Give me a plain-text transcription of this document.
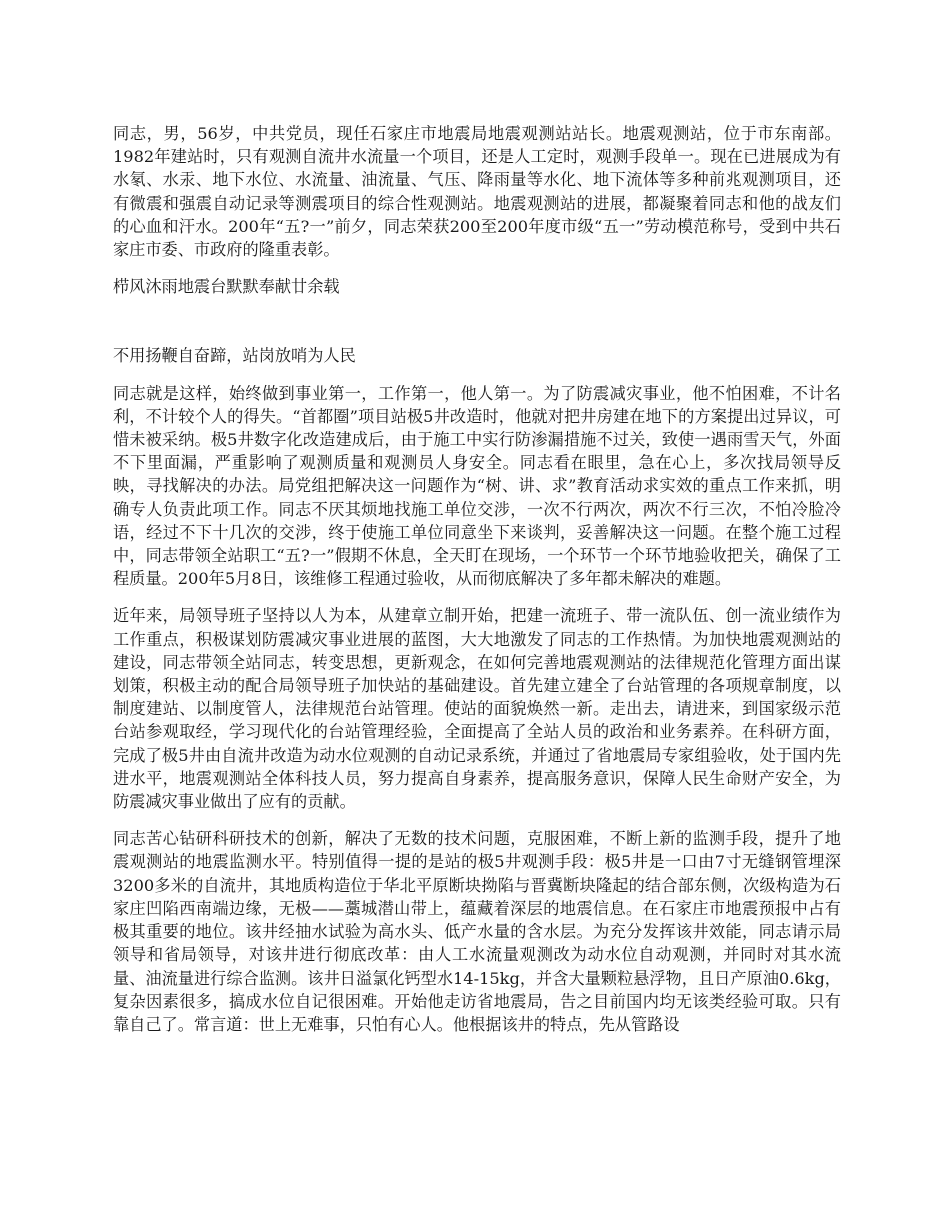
同志，男，56岁，中共党员，现任石家庄市地震局地震观测站站长。地震观测站，位于市东南部。1982年建站时，只有观测自流井水流量一个项目，还是人工定时，观测手段单一。现在已进展成为有水氡、水汞、地下水位、水流量、油流量、气压、降雨量等水化、地下流体等多种前兆观测项目，还有微震和强震自动记录等测震项目的综合性观测站。地震观测站的进展，都凝聚着同志和他的战友们的心血和汗水。200年“五?一”前夕，同志荣获200至200年度市级“五一”劳动模范称号，受到中共石家庄市委、市政府的隆重表彰。

栉风沐雨地震台默默奉献廿余载

不用扬鞭自奋蹄，站岗放哨为人民

同志就是这样，始终做到事业第一，工作第一，他人第一。为了防震减灾事业，他不怕困难，不计名利，不计较个人的得失。“首都圈”项目站极5井改造时，他就对把井房建在地下的方案提出过异议，可惜未被采纳。极5井数字化改造建成后，由于施工中实行防渗漏措施不过关，致使一遇雨雪天气，外面不下里面漏，严重影响了观测质量和观测员人身安全。同志看在眼里，急在心上，多次找局领导反映，寻找解决的办法。局党组把解决这一问题作为“树、讲、求”教育活动求实效的重点工作来抓，明确专人负责此项工作。同志不厌其烦地找施工单位交涉，一次不行两次，两次不行三次，不怕冷脸冷语，经过不下十几次的交涉，终于使施工单位同意坐下来谈判，妥善解决这一问题。在整个施工过程中，同志带领全站职工“五?一”假期不休息，全天盯在现场，一个环节一个环节地验收把关，确保了工程质量。200年5月8日，该维修工程通过验收，从而彻底解决了多年都未解决的难题。

近年来，局领导班子坚持以人为本，从建章立制开始，把建一流班子、带一流队伍、创一流业绩作为工作重点，积极谋划防震减灾事业进展的蓝图，大大地激发了同志的工作热情。为加快地震观测站的建设，同志带领全站同志，转变思想，更新观念，在如何完善地震观测站的法律规范化管理方面出谋划策，积极主动的配合局领导班子加快站的基础建设。首先建立建全了台站管理的各项规章制度，以制度建站、以制度管人，法律规范台站管理。使站的面貌焕然一新。走出去，请进来，到国家级示范台站参观取经，学习现代化的台站管理经验，全面提高了全站人员的政治和业务素养。在科研方面，完成了极5井由自流井改造为动水位观测的自动记录系统，并通过了省地震局专家组验收，处于国内先进水平，地震观测站全体科技人员，努力提高自身素养，提高服务意识，保障人民生命财产安全，为防震减灾事业做出了应有的贡献。

同志苦心钻研科研技术的创新，解决了无数的技术问题，克服困难，不断上新的监测手段，提升了地震观测站的地震监测水平。特别值得一提的是站的极5井观测手段：极5井是一口由7寸无缝钢管埋深3200多米的自流井，其地质构造位于华北平原断块拗陷与晋冀断块隆起的结合部东侧，次级构造为石家庄凹陷西南端边缘，无极——藁城潜山带上，蕴藏着深层的地震信息。在石家庄市地震预报中占有极其重要的地位。该井经抽水试验为高水头、低产水量的含水层。为充分发挥该井效能，同志请示局领导和省局领导，对该井进行彻底改革：由人工水流量观测改为动水位自动观测，并同时对其水流量、油流量进行综合监测。该井日溢氯化钙型水14-15kg，并含大量颗粒悬浮物，且日产原油0.6kg，复杂因素很多，搞成水位自记很困难。开始他走访省地震局，告之目前国内均无该类经验可取。只有靠自己了。常言道：世上无难事，只怕有心人。他根据该井的特点，先从管路设
